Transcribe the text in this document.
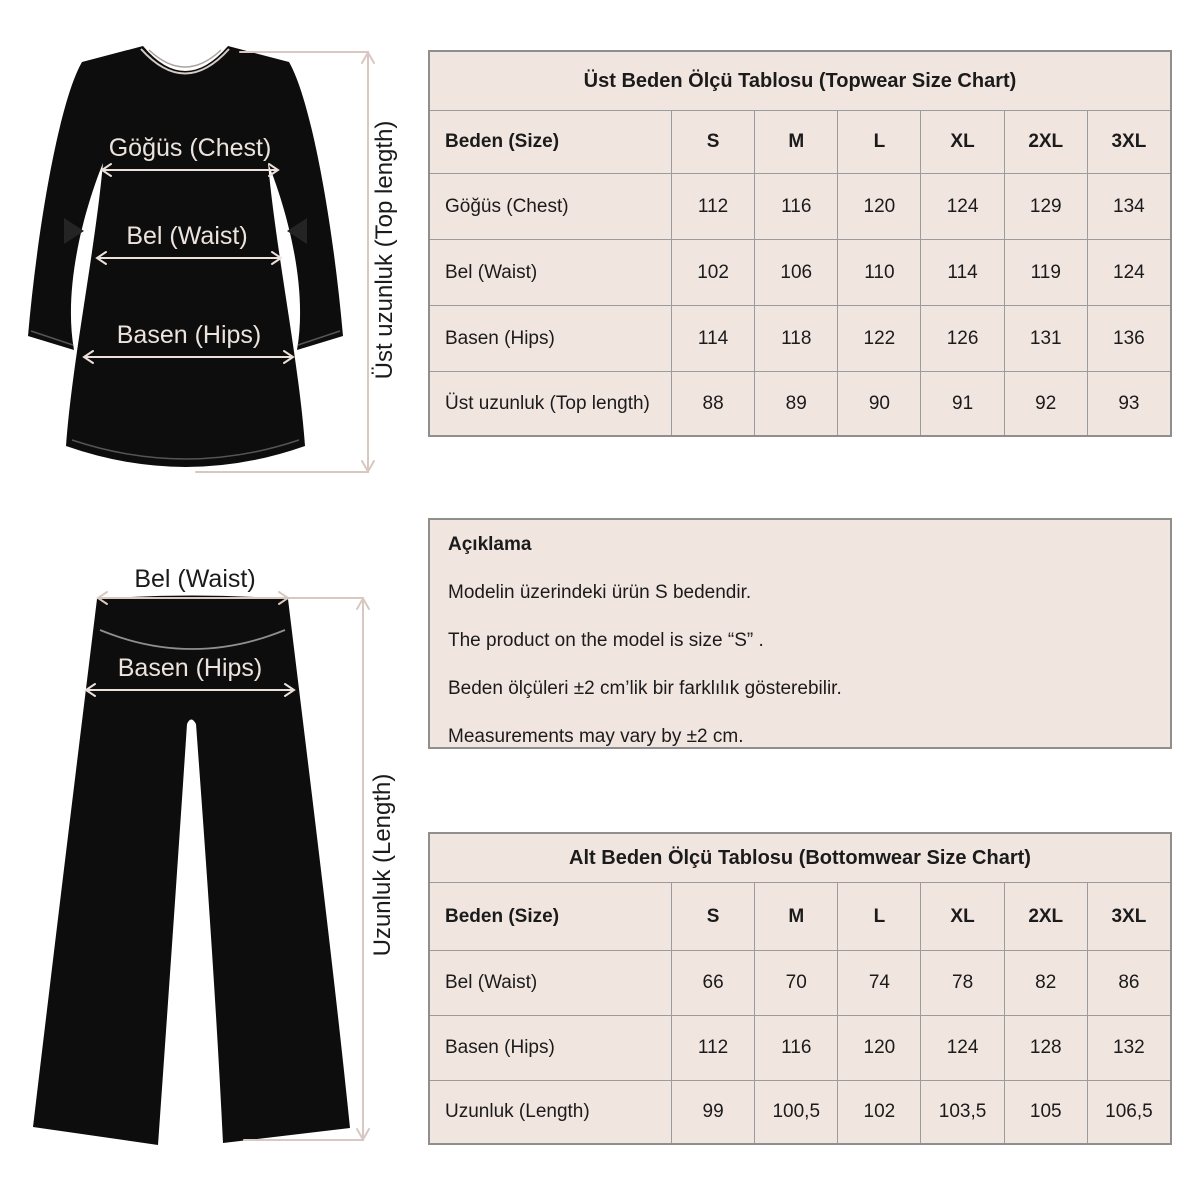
Göğüs (Chest)
Bel (Waist)
Basen (Hips)	Üst uzunluk (Top length)
Bel (Waist)
Basen (Hips)
Uzunluk (Length)
Üst Beden Ölçü Tablosu (Topwear Size Chart)
Beden (Size)	S	M	L	XL	2XL	3XL
Göğüs (Chest)	112	116	120	124	129	134
Bel (Waist)	102	106	110	114	119	124
Basen (Hips)	114	118	122	126	131	136
Üst uzunluk (Top length)	88	89	90	91	92	93
Açıklama

Modelin üzerindeki ürün S bedendir.

The product on the model is size “S” .

Beden ölçüleri ±2 cm’lik bir farklılık gösterebilir.

Measurements may vary by ±2 cm.

Alt Beden Ölçü Tablosu (Bottomwear Size Chart)
Beden (Size)	S	M	L	XL	2XL	3XL
Bel (Waist)	66	70	74	78	82	86
Basen (Hips)	112	116	120	124	128	132
Uzunluk (Length)	99	100,5	102	103,5	105	106,5
